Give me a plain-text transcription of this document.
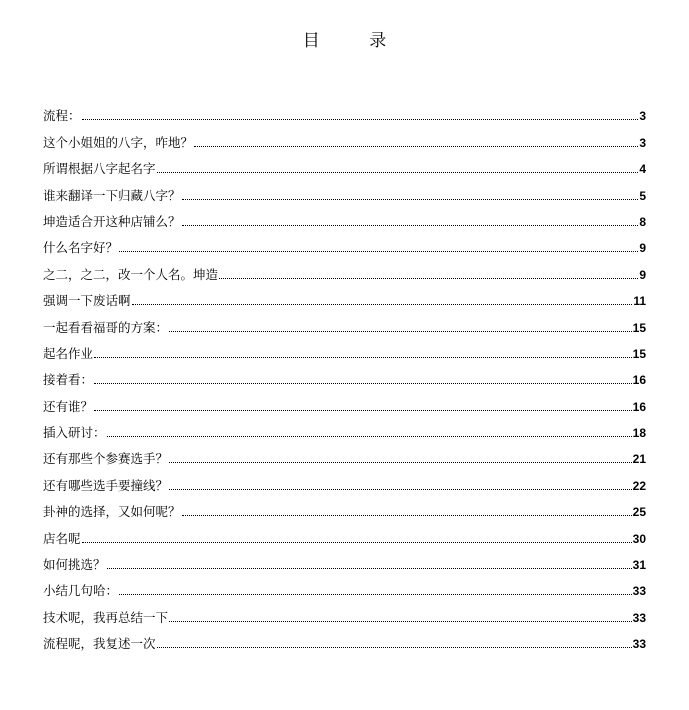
目 录
流程：	3
这个小姐姐的八字，咋地？	3
所谓根据八字起名字	4
谁来翻译一下归藏八字？	5
坤造适合开这种店铺么？	8
什么名字好？	9
之二，之二，改一个人名。坤造	9
强调一下废话啊	11
一起看看福哥的方案：	15
起名作业	15
接着看：	16
还有谁？	16
插入研讨：	18
还有那些个参赛选手？	21
还有哪些选手要撞线？	22
卦神的选择，又如何呢？	25
店名呢	30
如何挑选？	31
小结几句哈：	33
技术呢，我再总结一下	33
流程呢，我复述一次	33
